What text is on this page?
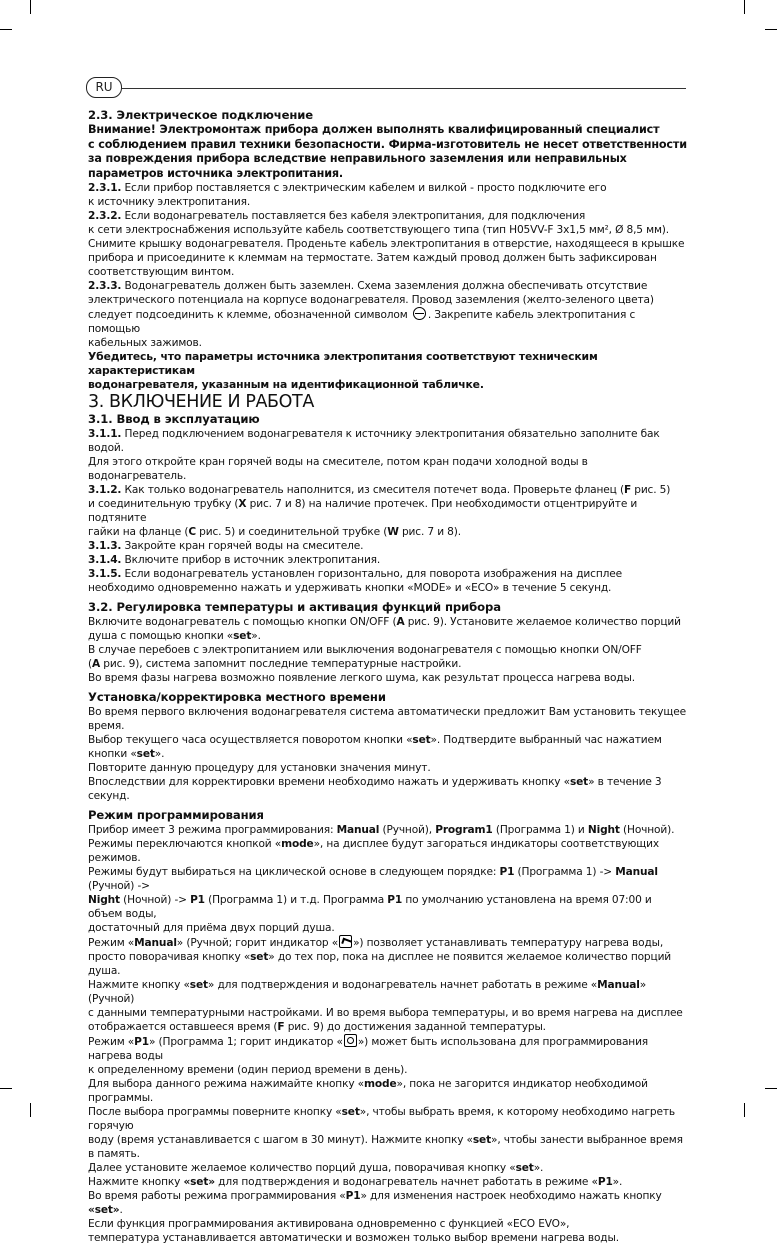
RU

2.3. Электрическое подключение

Внимание! Электромонтаж прибора должен выполнять квалифицированный специалист
с соблюдением правил техники безопасности. Фирма-изготовитель не несет ответственности
за повреждения прибора вследствие неправильного заземления или неправильных
параметров источника электропитания.

2.3.1. Если прибор поставляется с электрическим кабелем и вилкой - просто подключите его
к источнику электропитания.

2.3.2. Если водонагреватель поставляется без кабеля электропитания, для подключения
к сети электроснабжения используйте кабель соответствующего типа (тип H05VV-F 3x1,5 мм², Ø 8,5 мм).
Снимите крышку водонагревателя. Проденьте кабель электропитания в отверстие, находящееся в крышке
прибора и присоедините к клеммам на термостате. Затем каждый провод должен быть зафиксирован
соответствующим винтом.

2.3.3. Водонагреватель должен быть заземлен. Схема заземления должна обеспечивать отсутствие
электрического потенциала на корпусе водонагревателя. Провод заземления (желто-зеленого цвета)
следует подсоединить к клемме, обозначенной символом . Закрепите кабель электропитания с помощью
кабельных зажимов.

Убедитесь, что параметры источника электропитания соответствуют техническим характеристикам
водонагревателя, указанным на идентификационной табличке.

3. ВКЛЮЧЕНИЕ И РАБОТА

3.1. Ввод в эксплуатацию

3.1.1. Перед подключением водонагревателя к источнику электропитания обязательно заполните бак водой.
Для этого откройте кран горячей воды на смесителе, потом кран подачи холодной воды в водонагреватель.

3.1.2. Как только водонагреватель наполнится, из смесителя потечет вода. Проверьте фланец (F рис. 5)
и соединительную трубку (X рис. 7 и 8) на наличие протечек. При необходимости отцентрируйте и подтяните
гайки на фланце (C рис. 5) и соединительной трубке (W рис. 7 и 8).

3.1.3. Закройте кран горячей воды на смесителе.

3.1.4. Включите прибор в источник электропитания.

3.1.5. Если водонагреватель установлен горизонтально, для поворота изображения на дисплее
необходимо одновременно нажать и удерживать кнопки «MODE» и «ECO» в течение 5 секунд.

3.2. Регулировка температуры и активация функций прибора

Включите водонагреватель с помощью кнопки ON/OFF (A рис. 9). Установите желаемое количество порций
душа с помощью кнопки «set».
В случае перебоев с электропитанием или выключения водонагревателя с помощью кнопки ON/OFF
(A рис. 9), система запомнит последние температурные настройки.
Во время фазы нагрева возможно появление легкого шума, как результат процесса нагрева воды.

Установка/корректировка местного времени

Во время первого включения водонагревателя система автоматически предложит Вам установить текущее время.
Выбор текущего часа осуществляется поворотом кнопки «set». Подтвердите выбранный час нажатием кнопки «set».
Повторите данную процедуру для установки значения минут.
Впоследствии для корректировки времени необходимо нажать и удерживать кнопку «set» в течение 3 секунд.

Режим программирования

Прибор имеет 3 режима программирования: Manual (Ручной), Program1 (Программа 1) и Night (Ночной).
Режимы переключаются кнопкой «mode», на дисплее будут загораться индикаторы соответствующих режимов.
Режимы будут выбираться на циклической основе в следующем порядке: P1 (Программа 1) -> Manual (Ручной) ->
Night (Ночной) -> P1 (Программа 1) и т.д. Программа P1 по умолчанию установлена на время 07:00 и объем воды,
достаточный для приёма двух порций душа.
Режим «Manual» (Ручной; горит индикатор « ») позволяет устанавливать температуру нагрева воды,
просто поворачивая кнопку «set» до тех пор, пока на дисплее не появится желаемое количество порций душа.
Нажмите кнопку «set» для подтверждения и водонагреватель начнет работать в режиме «Manual» (Ручной)
с данными температурными настройками. И во время выбора температуры, и во время нагрева на дисплее
отображается оставшееся время (F рис. 9) до достижения заданной температуры.
Режим «P1» (Программа 1; горит индикатор « ») может быть использована для программирования нагрева воды
к определенному времени (один период времени в день).
Для выбора данного режима нажимайте кнопку «mode», пока не загорится индикатор необходимой программы.
После выбора программы поверните кнопку «set», чтобы выбрать время, к которому необходимо нагреть горячую
воду (время устанавливается с шагом в 30 минут). Нажмите кнопку «set», чтобы занести выбранное время в память.
Далее установите желаемое количество порций душа, поворачивая кнопку «set».
Нажмите кнопку «set» для подтверждения и водонагреватель начнет работать в режиме «P1».
Во время работы режима программирования «P1» для изменения настроек необходимо нажать кнопку «set».
Если функция программирования активирована одновременно с функцией «ECO EVO»,
температура устанавливается автоматически и возможен только выбор времени нагрева воды.
